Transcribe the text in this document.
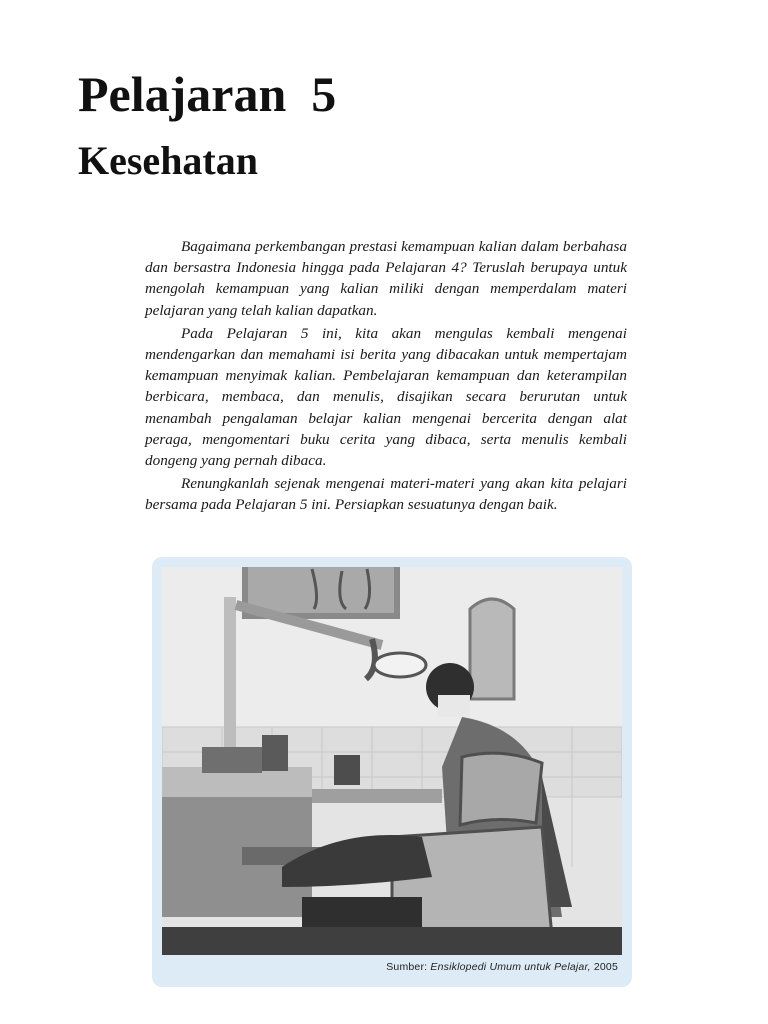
Pelajaran  5
Kesehatan

Bagaimana perkembangan prestasi kemampuan kalian dalam berbahasa dan bersastra Indonesia hingga pada Pelajaran 4? Teruslah berupaya untuk mengolah kemampuan yang kalian miliki dengan memperdalam materi pelajaran yang telah kalian dapatkan.

Pada Pelajaran 5 ini, kita akan mengulas kembali mengenai mendengarkan dan memahami isi berita yang dibacakan untuk mempertajam kemampuan menyimak kalian. Pembelajaran kemampuan dan keterampilan berbicara, membaca, dan menulis, disajikan secara berurutan untuk menambah pengalaman belajar kalian mengenai bercerita dengan alat peraga, mengomentari buku cerita yang dibaca, serta menulis kembali dongeng yang pernah dibaca.

Renungkanlah sejenak mengenai materi-materi yang akan kita pelajari bersama pada Pelajaran 5 ini. Persiapkan sesuatunya dengan baik.

Sumber: Ensiklopedi Umum untuk Pelajar, 2005
